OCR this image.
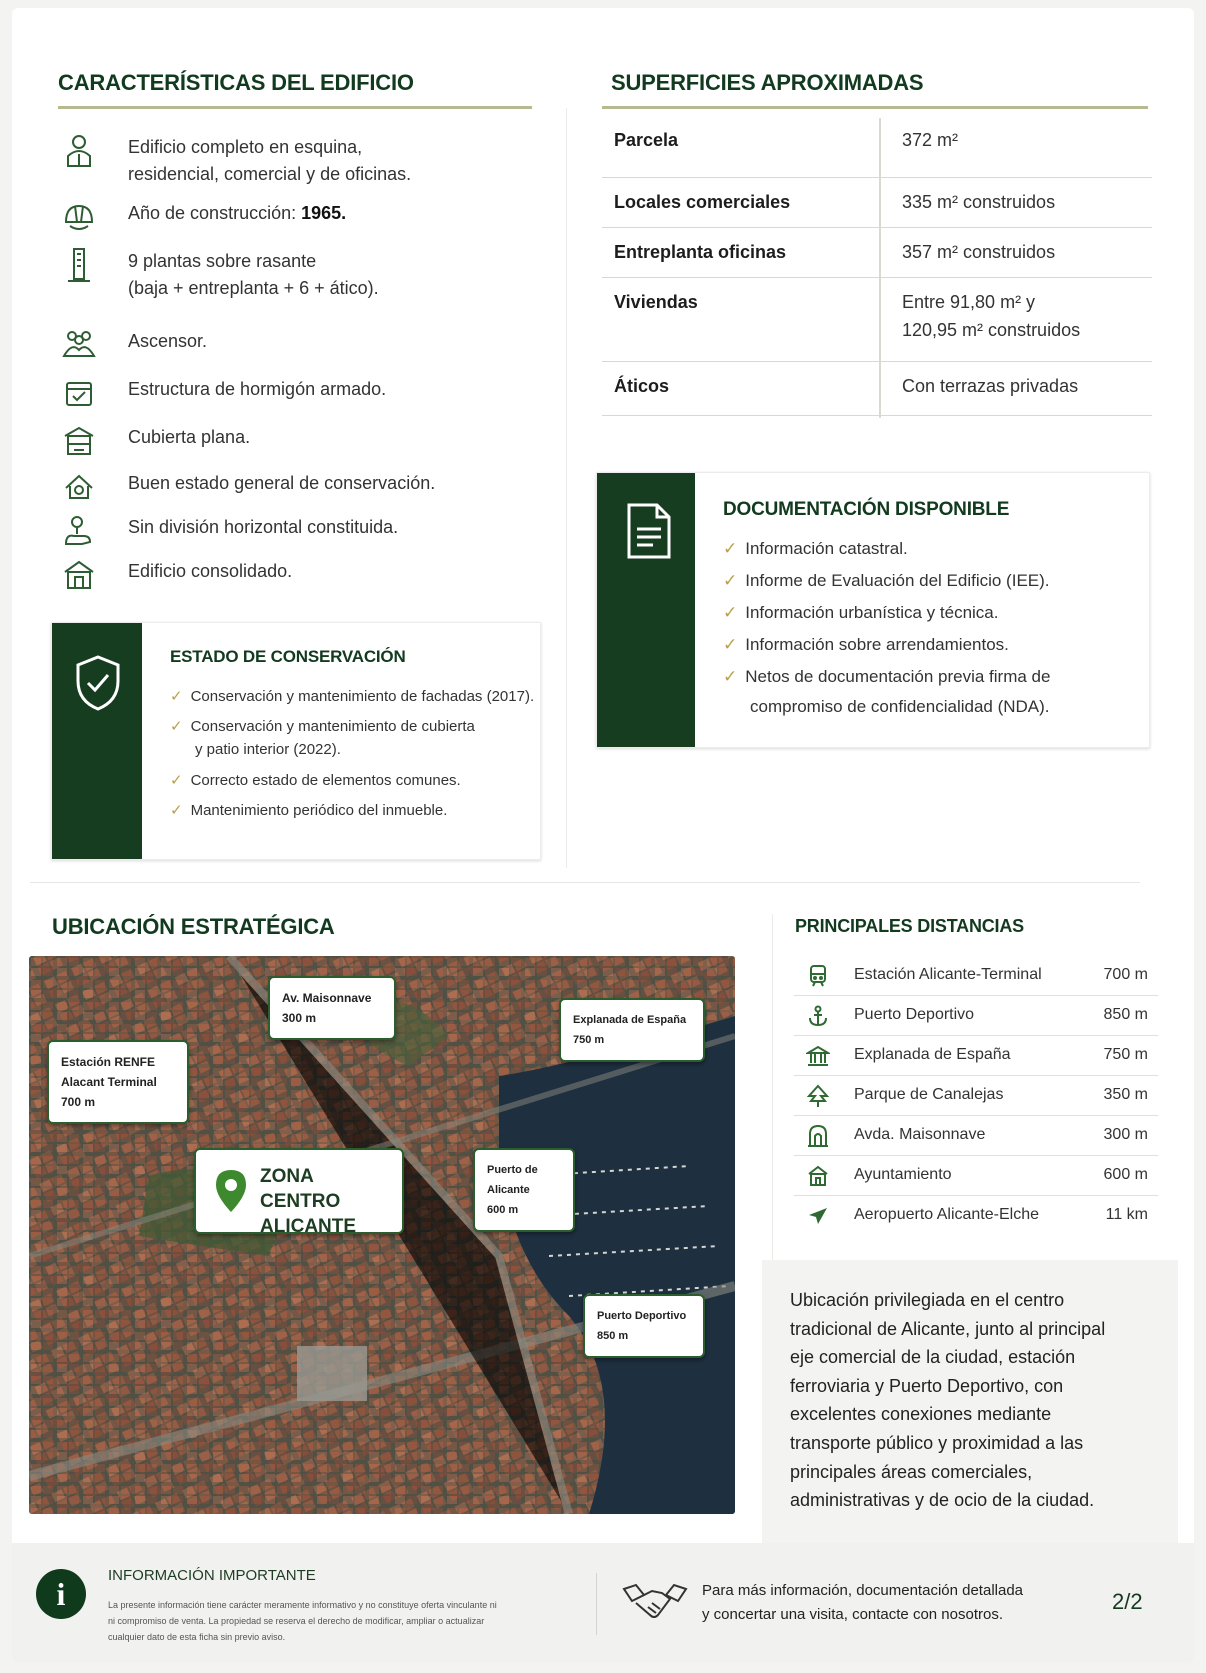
CARACTERÍSTICAS DEL EDIFICIO
Edificio completo en esquina,
residencial, comercial y de oficinas.
Año de construcción: 1965.
9 plantas sobre rasante
(baja + entreplanta + 6 + ático).
Ascensor.
Estructura de hormigón armado.
Cubierta plana.
Buen estado general de conservación.
Sin división horizontal constituida.
Edificio consolidado.
ESTADO DE CONSERVACIÓN
✓ Conservación y mantenimiento de fachadas (2017).
✓ Conservación y mantenimiento de cubierta
y patio interior (2022).
✓ Correcto estado de elementos comunes.
✓ Mantenimiento periódico del inmueble.
SUPERFICIES APROXIMADAS
Parcela	372 m²
Locales comerciales	335 m² construidos
Entreplanta oficinas	357 m² construidos
Viviendas	Entre 91,80 m² y
120,95 m² construidos
Áticos	Con terrazas privadas
DOCUMENTACIÓN DISPONIBLE
✓ Información catastral.
✓ Informe de Evaluación del Edificio (IEE).
✓ Información urbanística y técnica.
✓ Información sobre arrendamientos.
✓ Netos de documentación previa firma de
compromiso de confidencialidad (NDA).
UBICACIÓN ESTRATÉGICA
Av. Maisonnave
300 m	Explanada de España
750 m
Estación RENFE
Alacant Terminal
700 m
Puerto de
Alicante
600 m
Puerto Deportivo
850 m
ZONA CENTRO
ALICANTE
PRINCIPALES DISTANCIAS
Estación Alicante-Terminal	700 m
Puerto Deportivo	850 m
Explanada de España	750 m
Parque de Canalejas	350 m
Avda. Maisonnave	300 m
Ayuntamiento	600 m
Aeropuerto Alicante-Elche	11 km
Ubicación privilegiada en el centro
tradicional de Alicante, junto al principal
eje comercial de la ciudad, estación
ferroviaria y Puerto Deportivo, con
excelentes conexiones mediante
transporte público y proximidad a las
principales áreas comerciales,
administrativas y de ocio de la ciudad.
i
INFORMACIÓN IMPORTANTE
La presente información tiene carácter meramente informativo y no constituye oferta vinculante ni
ni compromiso de venta. La propiedad se reserva el derecho de modificar, ampliar o actualizar
cualquier dato de esta ficha sin previo aviso.
Para más información, documentación detallada
y concertar una visita, contacte con nosotros.
2/2
